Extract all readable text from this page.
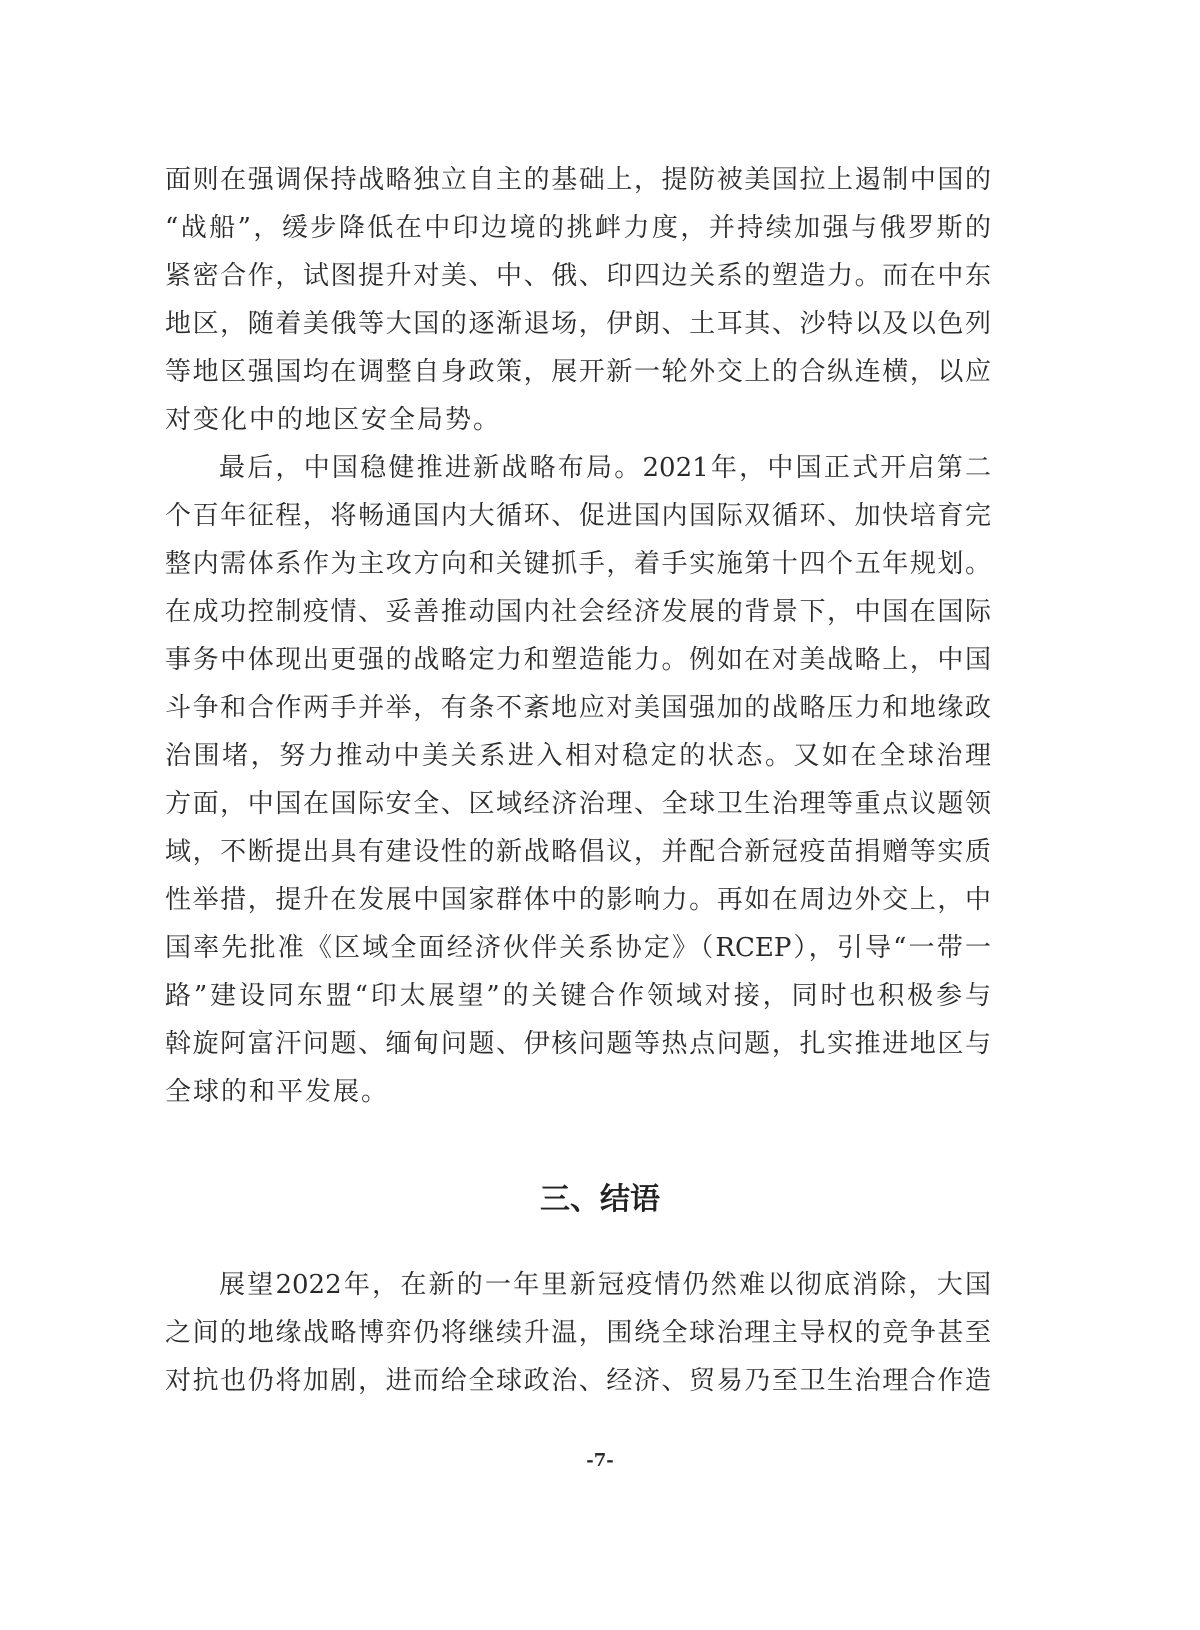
面则在强调保持战略独立自主的基础上，提防被美国拉上遏制中国的
“战船”，缓步降低在中印边境的挑衅力度，并持续加强与俄罗斯的
紧密合作，试图提升对美、中、俄、印四边关系的塑造力。而在中东
地区，随着美俄等大国的逐渐退场，伊朗、土耳其、沙特以及以色列
等地区强国均在调整自身政策，展开新一轮外交上的合纵连横，以应
对变化中的地区安全局势。
最后，中国稳健推进新战略布局。2021年，中国正式开启第二
个百年征程，将畅通国内大循环、促进国内国际双循环、加快培育完
整内需体系作为主攻方向和关键抓手，着手实施第十四个五年规划。
在成功控制疫情、妥善推动国内社会经济发展的背景下，中国在国际
事务中体现出更强的战略定力和塑造能力。例如在对美战略上，中国
斗争和合作两手并举，有条不紊地应对美国强加的战略压力和地缘政
治围堵，努力推动中美关系进入相对稳定的状态。又如在全球治理
方面，中国在国际安全、区域经济治理、全球卫生治理等重点议题领
域，不断提出具有建设性的新战略倡议，并配合新冠疫苗捐赠等实质
性举措，提升在发展中国家群体中的影响力。再如在周边外交上，中
国率先批准《区域全面经济伙伴关系协定》（RCEP），引导“一带一
路”建设同东盟“印太展望”的关键合作领域对接，同时也积极参与
斡旋阿富汗问题、缅甸问题、伊核问题等热点问题，扎实推进地区与
全球的和平发展。
三、结语
展望2022年，在新的一年里新冠疫情仍然难以彻底消除，大国
之间的地缘战略博弈仍将继续升温，围绕全球治理主导权的竞争甚至
对抗也仍将加剧，进而给全球政治、经济、贸易乃至卫生治理合作造
-7-
